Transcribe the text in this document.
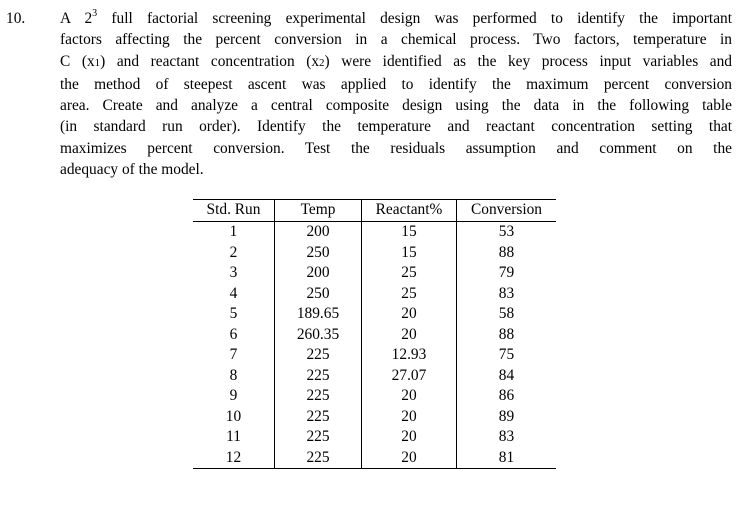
10. A $2^3$ full factorial screening experimental design was performed to identify the important
factors affecting the percent conversion in a chemical process. Two factors, temperature in
C (x1) and reactant concentration (x2) were identified as the key process input variables and
the method of steepest ascent was applied to identify the maximum percent conversion
area. Create and analyze a central composite design using the data in the following table
(in standard run order). Identify the temperature and reactant concentration setting that
maximizes percent conversion. Test the residuals assumption and comment on the
adequacy of the model.
Std. Run	Temp	Reactant%	Conversion
1	200	15	53
2	250	15	88
3	200	25	79
4	250	25	83
5	189.65	20	58
6	260.35	20	88
7	225	12.93	75
8	225	27.07	84
9	225	20	86
10	225	20	89
11	225	20	83
12	225	20	81
